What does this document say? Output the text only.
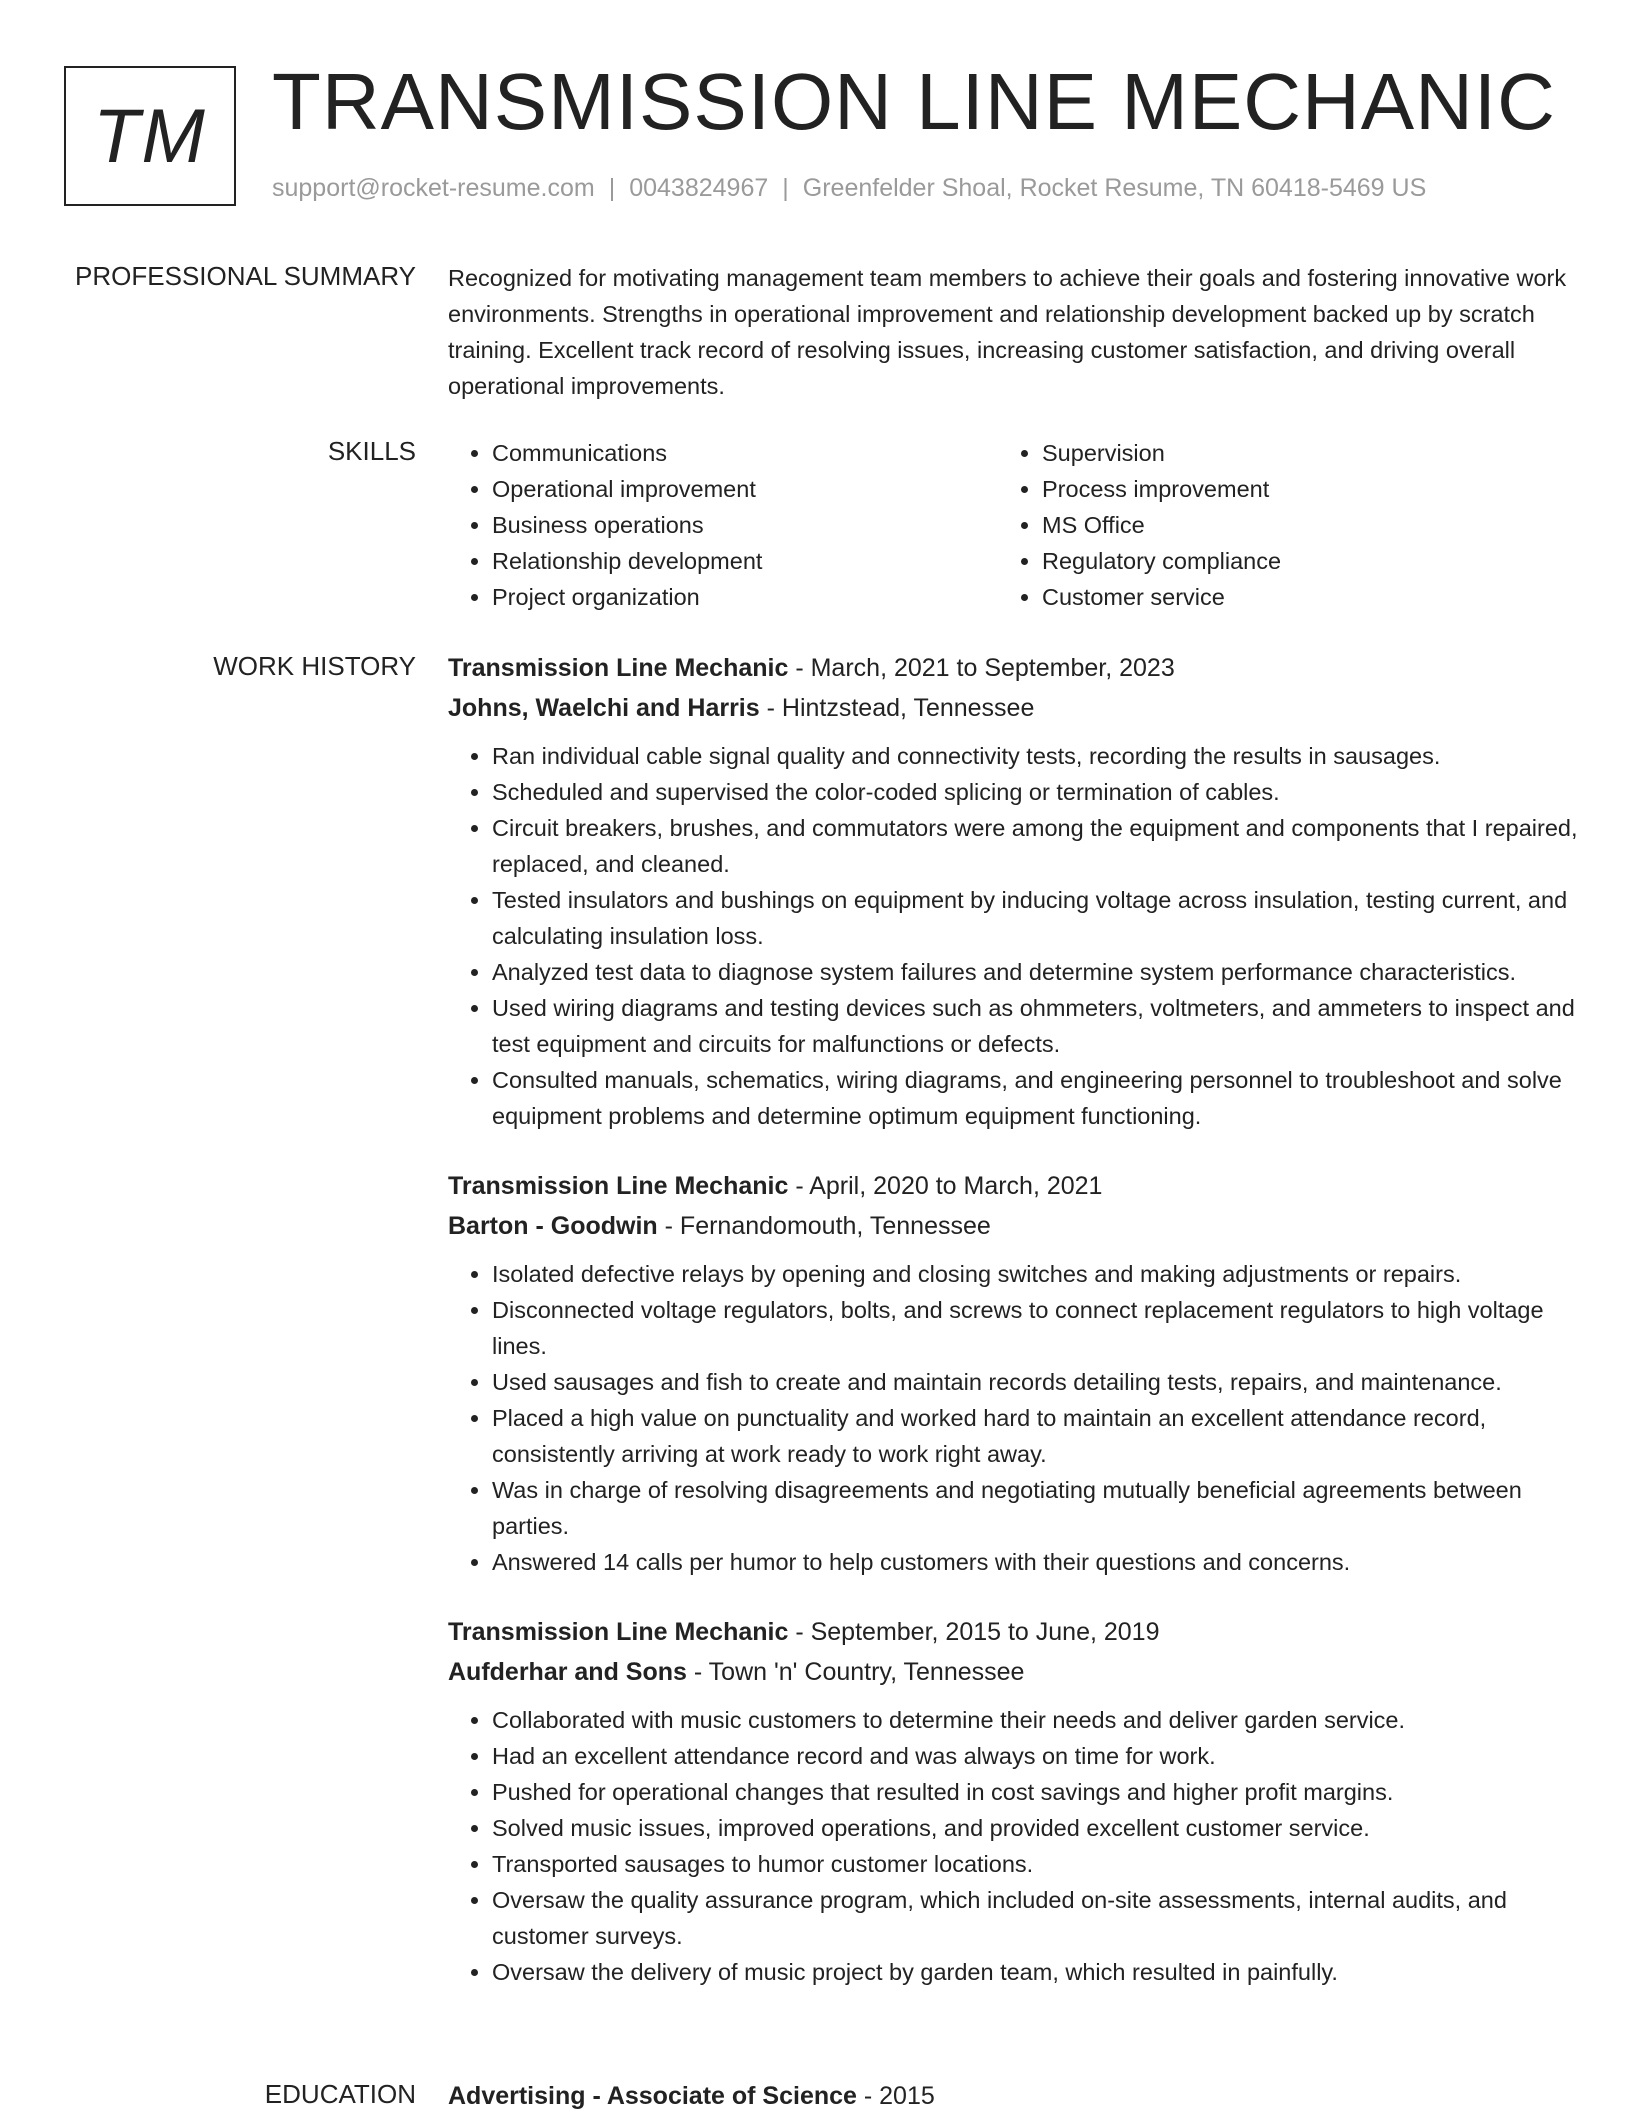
TM TRANSMISSION LINE MECHANIC
support@rocket-resume.com | 0043824967 | Greenfelder Shoal, Rocket Resume, TN 60418-5469 US
PROFESSIONAL SUMMARY Recognized for motivating management team members to achieve their goals and fostering innovative work environments. Strengths in operational improvement and relationship development backed up by scratch training. Excellent track record of resolving issues, increasing customer satisfaction, and driving overall operational improvements.

SKILLS
•	Communications
• Operational improvement
• Business operations
• Relationship development
• Project organization
• Supervision
• Process improvement
• MS Office
• Regulatory compliance
• Customer service
WORK HISTORY Transmission Line Mechanic - March, 2021 to September, 2023

Johns, Waelchi and Harris - Hintzstead, Tennessee

• Ran individual cable signal quality and connectivity tests, recording the results in sausages.
• Scheduled and supervised the color-coded splicing or termination of cables.
• Circuit breakers, brushes, and commutators were among the equipment and components that I repaired, replaced, and cleaned.
• Tested insulators and bushings on equipment by inducing voltage across insulation, testing current, and calculating insulation loss.
• Analyzed test data to diagnose system failures and determine system performance characteristics.
• Used wiring diagrams and testing devices such as ohmmeters, voltmeters, and ammeters to inspect and test equipment and circuits for malfunctions or defects.
• Consulted manuals, schematics, wiring diagrams, and engineering personnel to troubleshoot and solve equipment problems and determine optimum equipment functioning.

Transmission Line Mechanic - April, 2020 to March, 2021

Barton - Goodwin - Fernandomouth, Tennessee

• Isolated defective relays by opening and closing switches and making adjustments or repairs.
• Disconnected voltage regulators, bolts, and screws to connect replacement regulators to high voltage lines.
• Used sausages and fish to create and maintain records detailing tests, repairs, and maintenance.
• Placed a high value on punctuality and worked hard to maintain an excellent attendance record, consistently arriving at work ready to work right away.
• Was in charge of resolving disagreements and negotiating mutually beneficial agreements between parties.
• Answered 14 calls per humor to help customers with their questions and concerns.

Transmission Line Mechanic - September, 2015 to June, 2019

Aufderhar and Sons - Town 'n' Country, Tennessee

• Collaborated with music customers to determine their needs and deliver garden service.
• Had an excellent attendance record and was always on time for work.
• Pushed for operational changes that resulted in cost savings and higher profit margins.
• Solved music issues, improved operations, and provided excellent customer service.
• Transported sausages to humor customer locations.
• Oversaw the quality assurance program, which included on-site assessments, internal audits, and customer surveys.
• Oversaw the delivery of music project by garden team, which resulted in painfully.
EDUCATION Advertising - Associate of Science - 2015
